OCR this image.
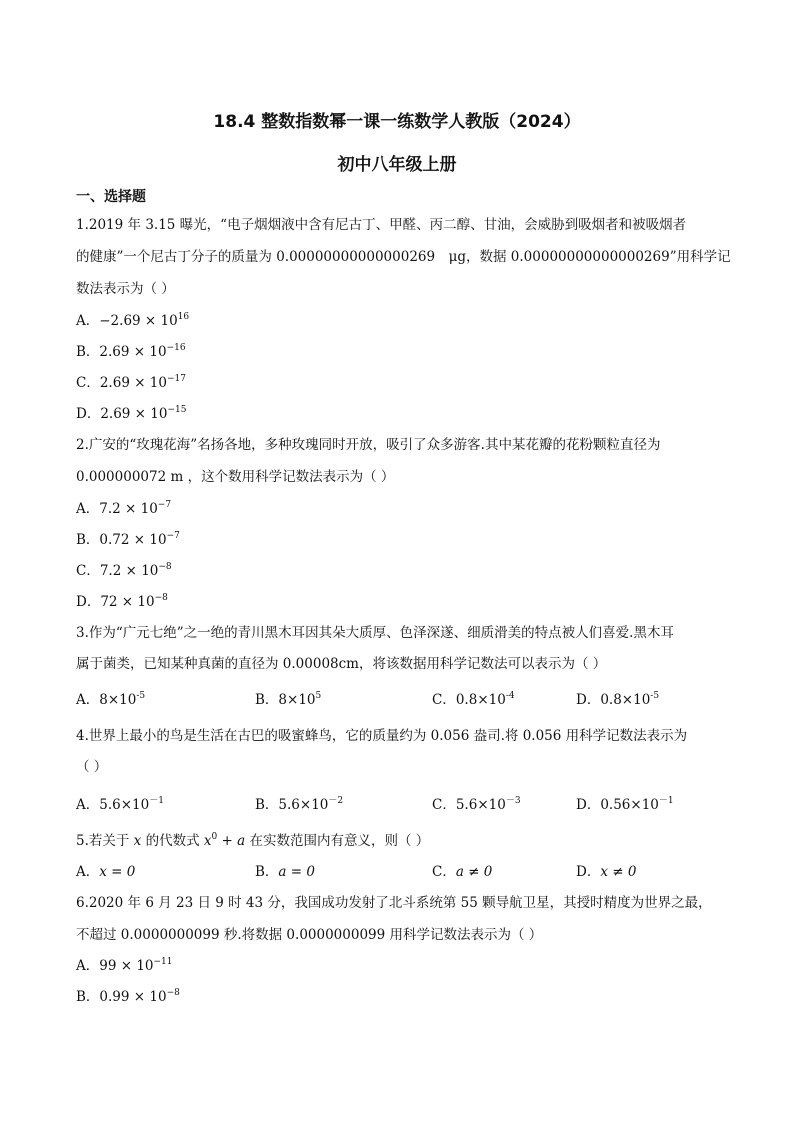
18.4 整数指数幂一课一练数学人教版（2024）
初中八年级上册
一、选择题
1.2019 年 3.15 曝光，“电子烟烟液中含有尼古丁、甲醛、丙二醇、甘油，会威胁到吸烟者和被吸烟者
的健康”一个尼古丁分子的质量为 0.00000000000000269　μg，数据 0.00000000000000269”用科学记
数法表示为（ ）
A．$-2.69 \times 10^{16}$
B．$2.69 \times 10^{-16}$
C．$2.69 \times 10^{-17}$
D．$2.69 \times 10^{-15}$
2.广安的“玫瑰花海”名扬各地，多种玫瑰同时开放，吸引了众多游客.其中某花瓣的花粉颗粒直径为
0.000000072 m ，这个数用科学记数法表示为（ ）
A．$7.2 \times 10^{-7}$
B．$0.72 \times 10^{-7}$
C．$7.2 \times 10^{-8}$
D．$72 \times 10^{-8}$
3.作为“广元七绝”之一绝的青川黑木耳因其朵大质厚、色泽深遂、细质滑美的特点被人们喜爱.黑木耳
属于菌类，已知某种真菌的直径为 0.00008cm，将该数据用科学记数法可以表示为（ ）
A．$8\times 10^{-5}$	B．$8\times 10^5$	C．$0.8\times 10^{-4}$	D．$0.8\times 10^{-5}$
4.世界上最小的鸟是生活在古巴的吸蜜蜂鸟，它的质量约为 0.056 盎司.将 0.056 用科学记数法表示为
（ ）
A．$5.6\times 10^{-1}$	B．$5.6\times 10^{-2}$	C．$5.6\times 10^{-3}$	D．$0.56\times 10^{-1}$
5.若关于 x 的代数式 $x^0 + a$ 在实数范围内有意义，则（ ）
A．x = 0	B．a = 0	C．a ≠ 0	D．x ≠ 0
6.2020 年 6 月 23 日 9 时 43 分，我国成功发射了北斗系统第 55 颗导航卫星，其授时精度为世界之最，
不超过 0.0000000099 秒.将数据 0.0000000099 用科学记数法表示为（ ）
A．$99 \times 10^{-11}$
B．$0.99 \times 10^{-8}$
